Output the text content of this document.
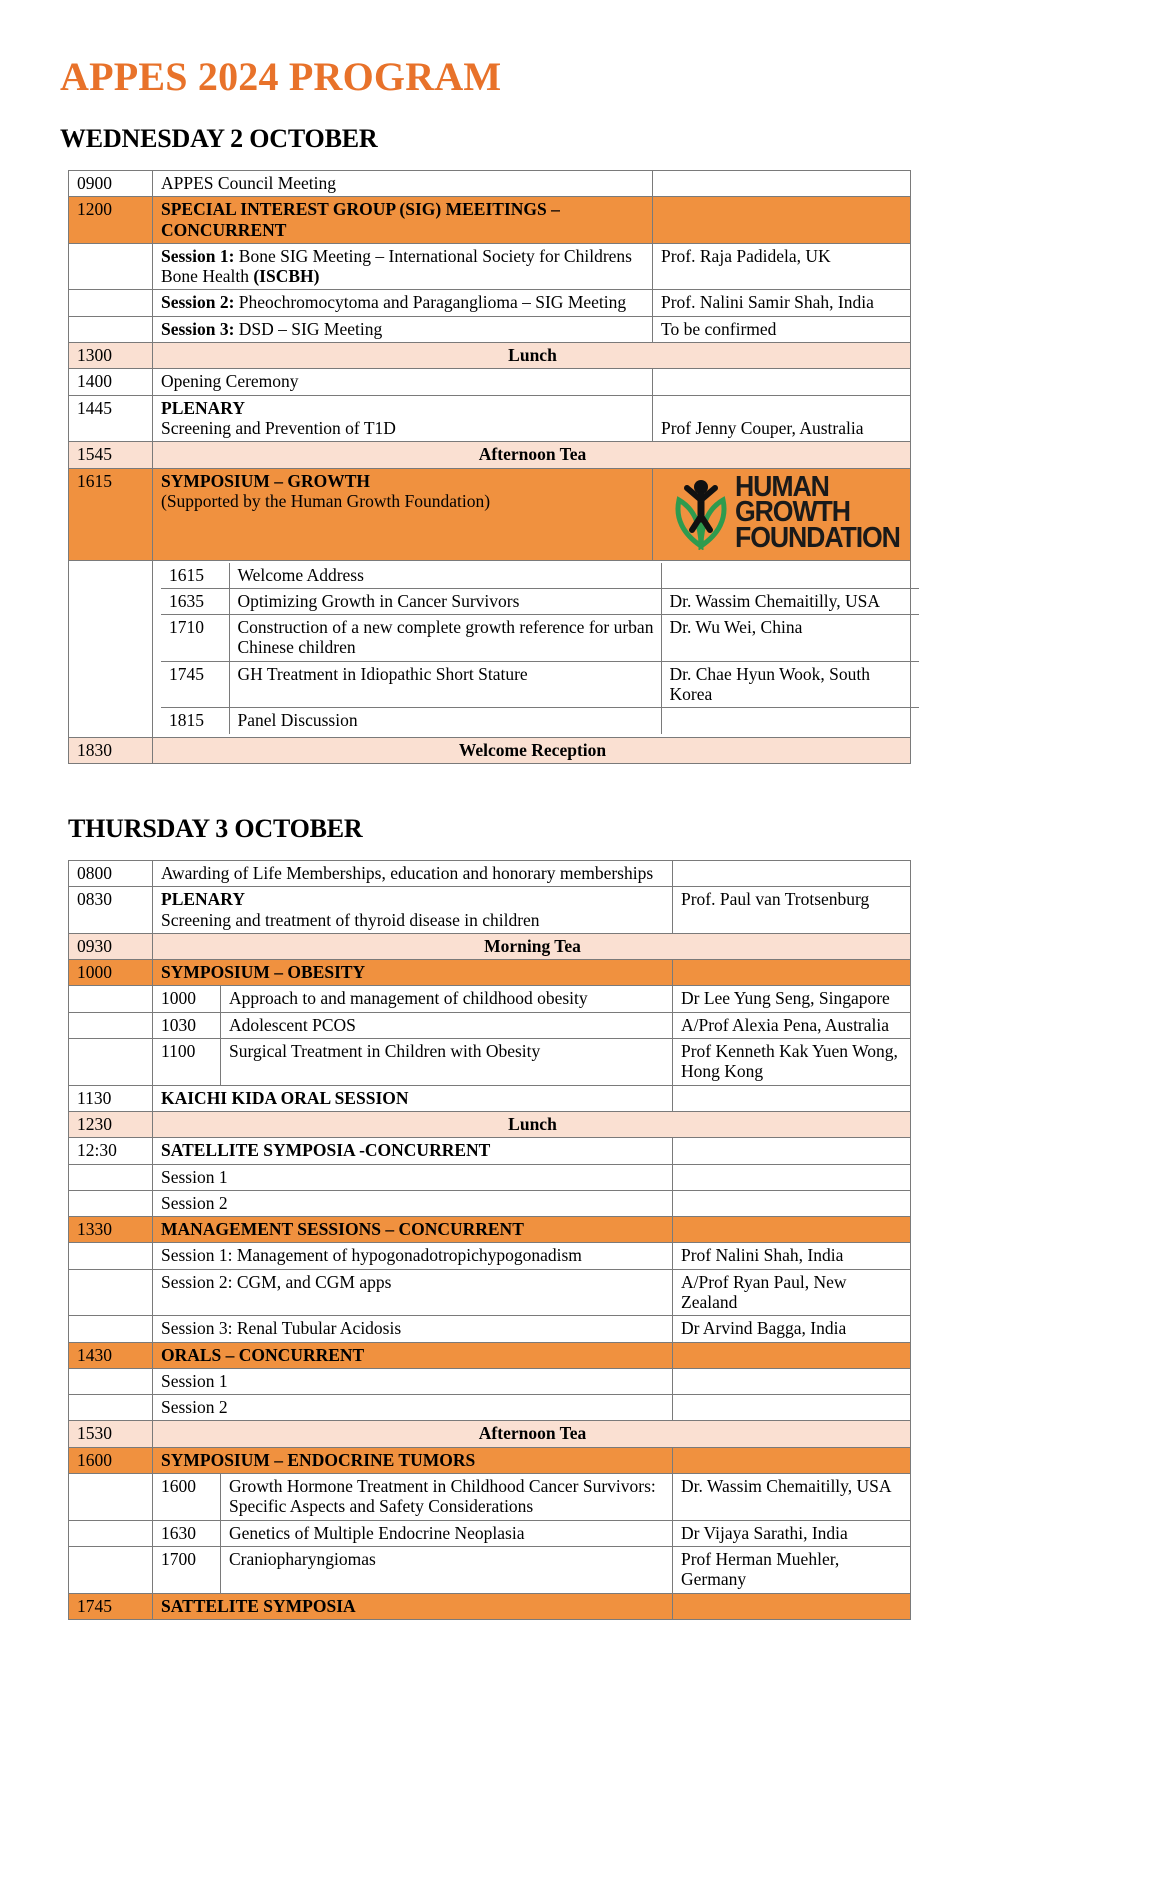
APPES 2024 PROGRAM
WEDNESDAY 2 OCTOBER
0900	APPES Council Meeting	
1200	SPECIAL INTEREST GROUP (SIG) MEEITINGS – CONCURRENT	
	Session 1: Bone SIG Meeting – International Society for Childrens Bone Health (ISCBH)	Prof. Raja Padidela, UK
	Session 2: Pheochromocytoma and Paraganglioma – SIG Meeting	Prof. Nalini Samir Shah, India
	Session 3: DSD – SIG Meeting	To be confirmed
1300	Lunch
1400	Opening Ceremony	
1445	PLENARY
Screening and Prevention of T1D	Prof Jenny Couper, Australia
1545	Afternoon Tea
1615	SYMPOSIUM – GROWTH
(Supported by the Human Growth Foundation)	HUMAN GROWTH
FOUNDATION

1615	Welcome Address	
1635	Optimizing Growth in Cancer Survivors	Dr. Wassim Chemaitilly, USA
1710	Construction of a new complete growth reference for urban Chinese children	Dr. Wu Wei, China
1745	GH Treatment in Idiopathic Short Stature	Dr. Chae Hyun Wook, South Korea
1815	Panel Discussion	

1830	Welcome Reception
THURSDAY 3 OCTOBER
0800	Awarding of Life Memberships, education and honorary memberships		
0830	PLENARY
Screening and treatment of thyroid disease in children		Prof. Paul van Trotsenburg
0930	Morning Tea		
1000	SYMPOSIUM – OBESITY		
	1000	Approach to and management of childhood obesity	Dr Lee Yung Seng, Singapore
	1030	Adolescent PCOS	A/Prof Alexia Pena, Australia
	1100	Surgical Treatment in Children with Obesity	Prof Kenneth Kak Yuen Wong, Hong Kong
1130	KAICHI KIDA ORAL SESSION		
1230	Lunch		
12:30	SATELLITE SYMPOSIA -CONCURRENT		
	Session 1		
	Session 2		
1330	MANAGEMENT SESSIONS – CONCURRENT		
	Session 1: Management of hypogonadotropichypogonadism		Prof Nalini Shah, India
	Session 2: CGM, and CGM apps		A/Prof Ryan Paul, New Zealand
	Session 3: Renal Tubular Acidosis		Dr Arvind Bagga, India
1430	ORALS – CONCURRENT		
	Session 1		
	Session 2		
1530	Afternoon Tea		
1600	SYMPOSIUM – ENDOCRINE TUMORS		
	1600	Growth Hormone Treatment in Childhood Cancer Survivors: Specific Aspects and Safety Considerations	Dr. Wassim Chemaitilly, USA
	1630	Genetics of Multiple Endocrine Neoplasia	Dr Vijaya Sarathi, India
	1700	Craniopharyngiomas	Prof Herman Muehler, Germany
1745	SATTELITE SYMPOSIA		
